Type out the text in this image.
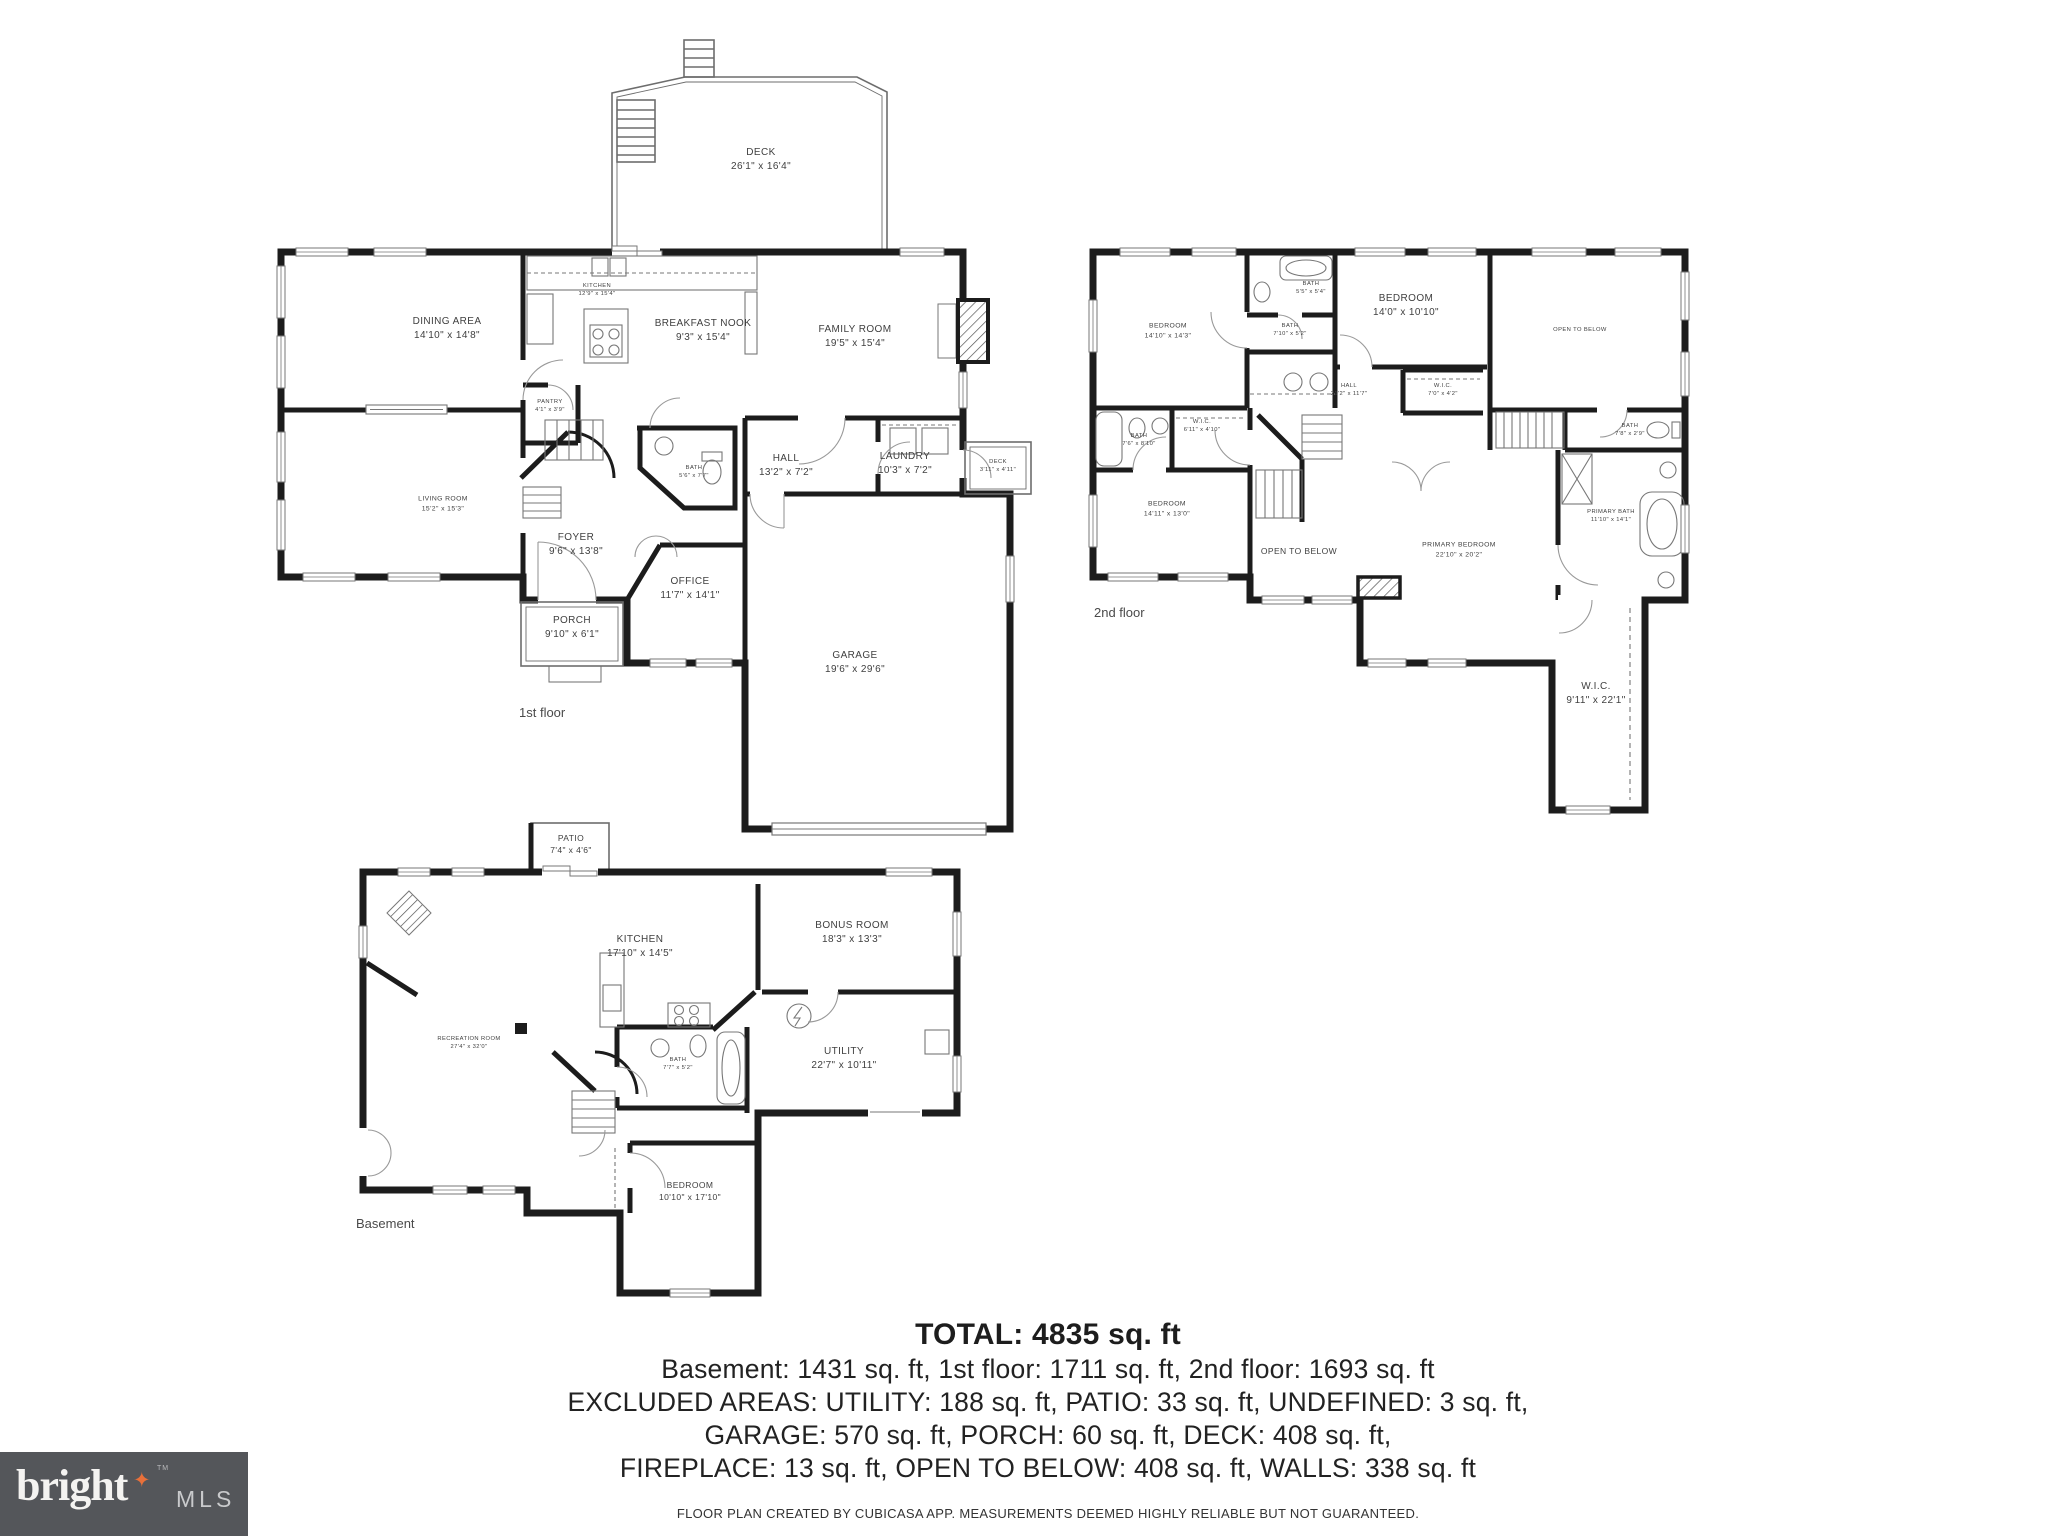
DECK
26'1" x 16'4"
KITCHEN
12'9" x 15'4"
DINING AREA
14'10" x 14'8"
BREAKFAST NOOK
9'3" x 15'4"
FAMILY ROOM
19'5" x 15'4"
PANTRY
4'1" x 3'9"
LIVING ROOM
15'2" x 15'3"
HALL
13'2" x 7'2"
LAUNDRY
10'3" x 7'2"
DECK
3'11" x 4'11"
BATH
5'6" x 7'7"
FOYER
9'6" x 13'8"
OFFICE
11'7" x 14'1"
PORCH
9'10" x 6'1"
GARAGE
19'6" x 29'6"
BEDROOM
14'10" x 14'3"
BATH
5'5" x 5'4"
BATH
7'10" x 5'2"
BEDROOM
14'0" x 10'10"
OPEN TO BELOW
HALL
21'2" x 11'7"
W.I.C.
7'0" x 4'2"
W.I.C.
6'11" x 4'10"
BATH
7'6" x 8'10"
BEDROOM
14'11" x 13'0"
OPEN TO BELOW
PRIMARY BEDROOM
22'10" x 20'2"
BATH
7'8" x 2'9"
PRIMARY BATH
11'10" x 14'1"
W.I.C.
9'11" x 22'1"
PATIO
7'4" x 4'6"
KITCHEN
17'10" x 14'5"
BONUS ROOM
18'3" x 13'3"
RECREATION ROOM
27'4" x 32'0"	UTILITY
22'7" x 10'11"
BATH
7'7" x 5'2"
BEDROOM
10'10" x 17'10"
1st floor
2nd floor
Basement
TOTAL: 4835 sq. ft
Basement: 1431 sq. ft, 1st floor: 1711 sq. ft, 2nd floor: 1693 sq. ft
EXCLUDED AREAS: UTILITY: 188 sq. ft, PATIO: 33 sq. ft, UNDEFINED: 3 sq. ft,
GARAGE: 570 sq. ft, PORCH: 60 sq. ft, DECK: 408 sq. ft,
FIREPLACE: 13 sq. ft, OPEN TO BELOW: 408 sq. ft, WALLS: 338 sq. ft
FLOOR PLAN CREATED BY CUBICASA APP. MEASUREMENTS DEEMED HIGHLY RELIABLE BUT NOT GUARANTEED.
bright ✦
TM
MLS
